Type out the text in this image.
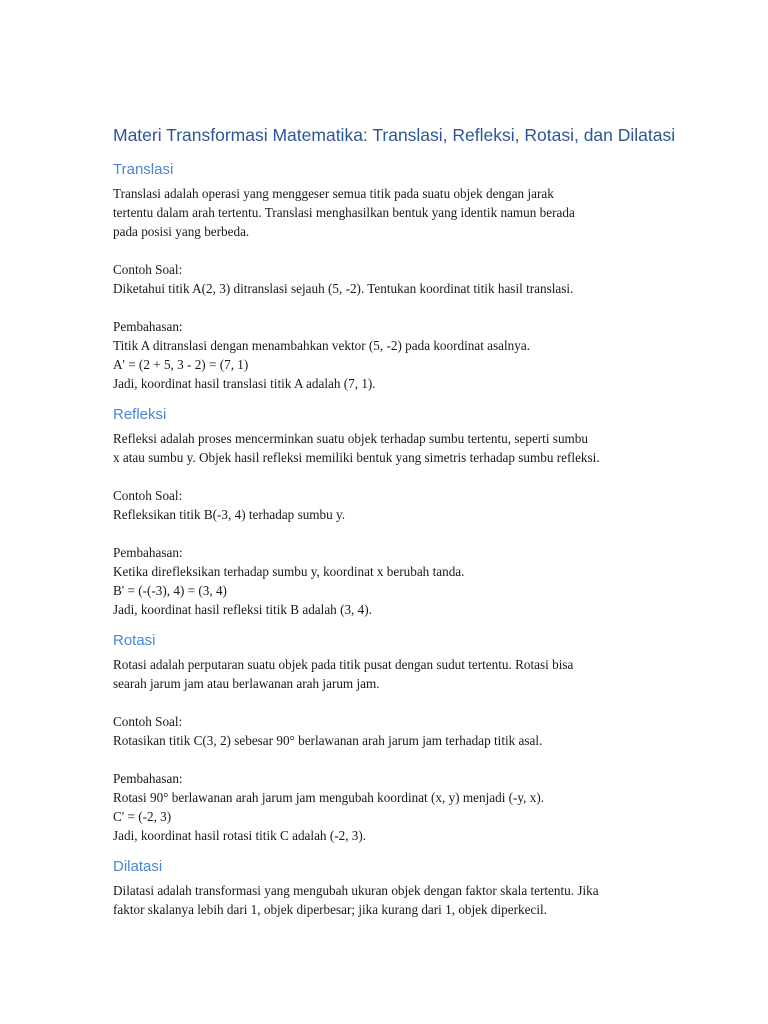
Materi Transformasi Matematika: Translasi, Refleksi, Rotasi, dan Dilatasi
Translasi

Translasi adalah operasi yang menggeser semua titik pada suatu objek dengan jarak

tertentu dalam arah tertentu. Translasi menghasilkan bentuk yang identik namun berada

pada posisi yang berbeda.

Contoh Soal:

Diketahui titik A(2, 3) ditranslasi sejauh (5, -2). Tentukan koordinat titik hasil translasi.

Pembahasan:

Titik A ditranslasi dengan menambahkan vektor (5, -2) pada koordinat asalnya.

A' = (2 + 5, 3 - 2) = (7, 1)

Jadi, koordinat hasil translasi titik A adalah (7, 1).

Refleksi

Refleksi adalah proses mencerminkan suatu objek terhadap sumbu tertentu, seperti sumbu

x atau sumbu y. Objek hasil refleksi memiliki bentuk yang simetris terhadap sumbu refleksi.

Contoh Soal:

Refleksikan titik B(-3, 4) terhadap sumbu y.

Pembahasan:

Ketika direfleksikan terhadap sumbu y, koordinat x berubah tanda.

B' = (-(-3), 4) = (3, 4)

Jadi, koordinat hasil refleksi titik B adalah (3, 4).

Rotasi

Rotasi adalah perputaran suatu objek pada titik pusat dengan sudut tertentu. Rotasi bisa

searah jarum jam atau berlawanan arah jarum jam.

Contoh Soal:

Rotasikan titik C(3, 2) sebesar 90° berlawanan arah jarum jam terhadap titik asal.

Pembahasan:

Rotasi 90° berlawanan arah jarum jam mengubah koordinat (x, y) menjadi (-y, x).

C' = (-2, 3)

Jadi, koordinat hasil rotasi titik C adalah (-2, 3).

Dilatasi

Dilatasi adalah transformasi yang mengubah ukuran objek dengan faktor skala tertentu. Jika

faktor skalanya lebih dari 1, objek diperbesar; jika kurang dari 1, objek diperkecil.
